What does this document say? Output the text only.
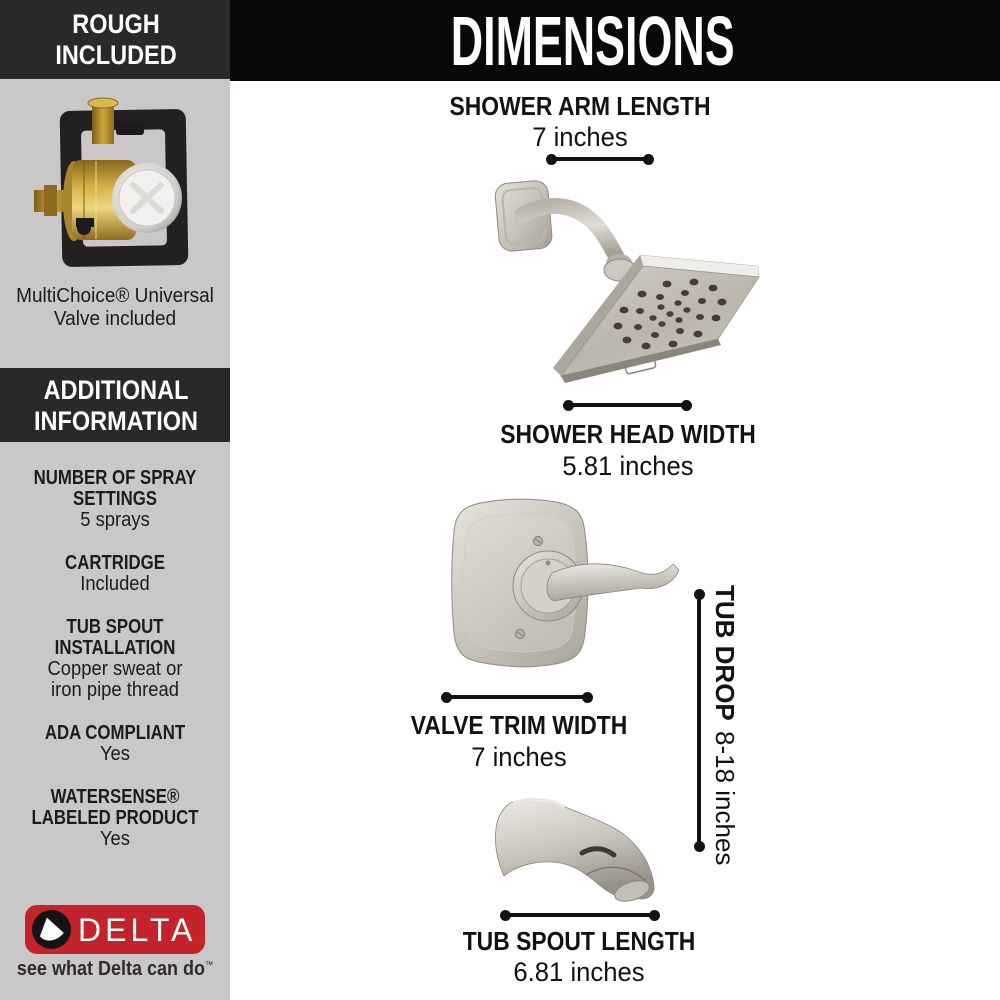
ROUGH
INCLUDED
MultiChoice® Universal
Valve included
ADDITIONAL
INFORMATION
NUMBER OF SPRAY
SETTINGS
5 sprays
CARTRIDGE
Included
TUB SPOUT
INSTALLATION
Copper sweat or
iron pipe thread
ADA COMPLIANT
Yes
WATERSENSE®
LABELED PRODUCT
Yes
DELTA
see what Delta can do™
DIMENSIONS
SHOWER ARM LENGTH
7 inches
SHOWER HEAD WIDTH
5.81 inches
VALVE TRIM WIDTH
7 inches
TUB DROP8-18 inches
TUB SPOUT LENGTH
6.81 inches
